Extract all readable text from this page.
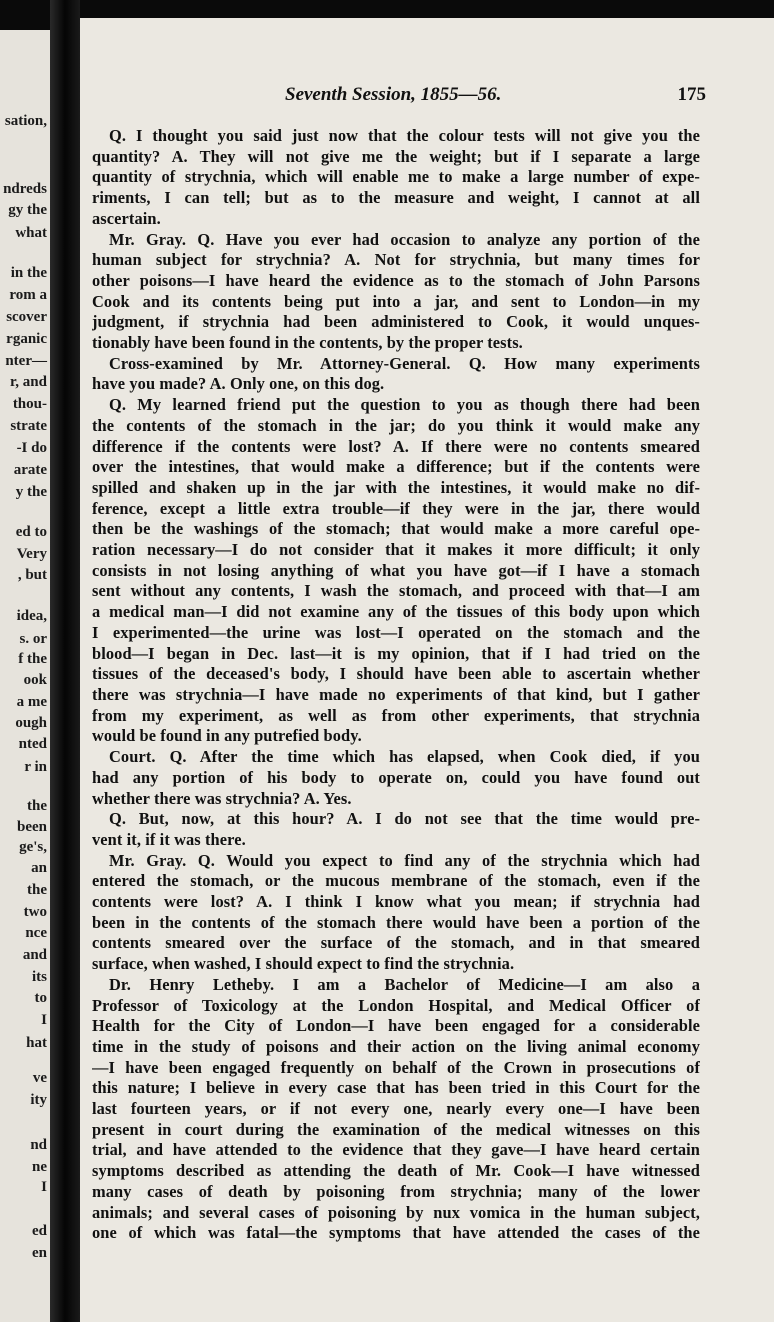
sation,
ndreds
gy the
what
in the
rom a
scover
rganic
nter—
r, and
thou-
strate
-I do
arate
y the
ed to
Very
, but
idea,
s. or
f the
ook
a me
ough
nted
r in
the
been
ge's,
an
the
two
nce
and
its
to
I
hat
ve
ity
nd
ne
I
ed
en
Seventh Session, 1855—56.	175
Q. I thought you said just now that the colour tests will not give you the
quantity? A. They will not give me the weight; but if I separate a large
quantity of strychnia, which will enable me to make a large number of expe-
riments, I can tell; but as to the measure and weight, I cannot at all
ascertain.
Mr. Gray. Q. Have you ever had occasion to analyze any portion of the
human subject for strychnia? A. Not for strychnia, but many times for
other poisons—I have heard the evidence as to the stomach of John Parsons
Cook and its contents being put into a jar, and sent to London—in my
judgment, if strychnia had been administered to Cook, it would unques-
tionably have been found in the contents, by the proper tests.
Cross-examined by Mr. Attorney-General. Q. How many experiments
have you made? A. Only one, on this dog.
Q. My learned friend put the question to you as though there had been
the contents of the stomach in the jar; do you think it would make any
difference if the contents were lost? A. If there were no contents smeared
over the intestines, that would make a difference; but if the contents were
spilled and shaken up in the jar with the intestines, it would make no dif-
ference, except a little extra trouble—if they were in the jar, there would
then be the washings of the stomach; that would make a more careful ope-
ration necessary—I do not consider that it makes it more difficult; it only
consists in not losing anything of what you have got—if I have a stomach
sent without any contents, I wash the stomach, and proceed with that—I am
a medical man—I did not examine any of the tissues of this body upon which
I experimented—the urine was lost—I operated on the stomach and the
blood—I began in Dec. last—it is my opinion, that if I had tried on the
tissues of the deceased's body, I should have been able to ascertain whether
there was strychnia—I have made no experiments of that kind, but I gather
from my experiment, as well as from other experiments, that strychnia
would be found in any putrefied body.
Court. Q. After the time which has elapsed, when Cook died, if you
had any portion of his body to operate on, could you have found out
whether there was strychnia? A. Yes.
Q. But, now, at this hour? A. I do not see that the time would pre-
vent it, if it was there.
Mr. Gray. Q. Would you expect to find any of the strychnia which had
entered the stomach, or the mucous membrane of the stomach, even if the
contents were lost? A. I think I know what you mean; if strychnia had
been in the contents of the stomach there would have been a portion of the
contents smeared over the surface of the stomach, and in that smeared
surface, when washed, I should expect to find the strychnia.
Dr. Henry Letheby. I am a Bachelor of Medicine—I am also a
Professor of Toxicology at the London Hospital, and Medical Officer of
Health for the City of London—I have been engaged for a considerable
time in the study of poisons and their action on the living animal economy
—I have been engaged frequently on behalf of the Crown in prosecutions of
this nature; I believe in every case that has been tried in this Court for the
last fourteen years, or if not every one, nearly every one—I have been
present in court during the examination of the medical witnesses on this
trial, and have attended to the evidence that they gave—I have heard certain
symptoms described as attending the death of Mr. Cook—I have witnessed
many cases of death by poisoning from strychnia; many of the lower
animals; and several cases of poisoning by nux vomica in the human subject,
one of which was fatal—the symptoms that have attended the cases of the
